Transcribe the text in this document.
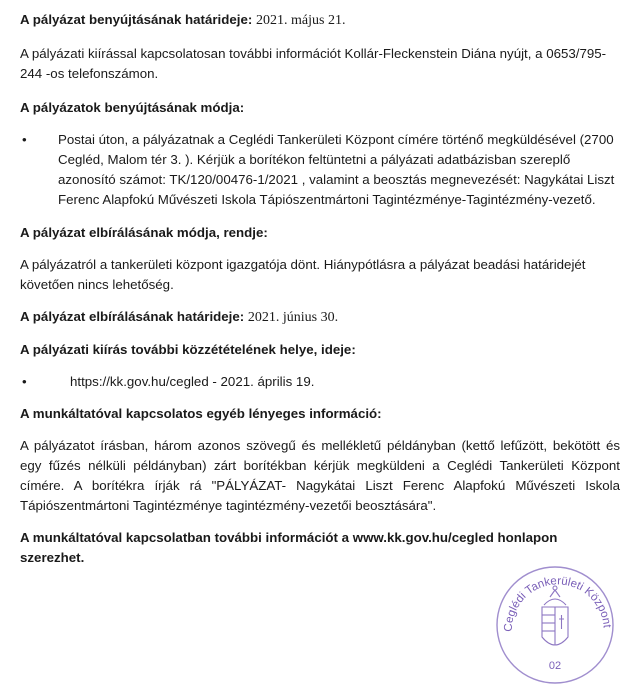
A pályázat benyújtásának határideje: 2021. május 21.

A pályázati kiírással kapcsolatosan további információt Kollár-Fleckenstein Diána nyújt, a 0653/795-244 -os telefonszámon.

A pályázatok benyújtásának módja:

•	Postai úton, a pályázatnak a Ceglédi Tankerületi Központ címére történő megküldésével (2700 Cegléd, Malom tér 3. ). Kérjük a borítékon feltüntetni a pályázati adatbázisban szereplő azonosító számot: TK/120/00476-1/2021 , valamint a beosztás megnevezését: Nagykátai Liszt Ferenc Alapfokú Művészeti Iskola Tápiószentmártoni Tagintézménye-Tagintézmény-vezető.

A pályázat elbírálásának módja, rendje:

A pályázatról a tankerületi központ igazgatója dönt. Hiánypótlásra a pályázat beadási határidejét követően nincs lehetőség.

A pályázat elbírálásának határideje: 2021. június 30.

A pályázati kiírás további közzétételének helye, ideje:

•	https://kk.gov.hu/cegled - 2021. április 19.

A munkáltatóval kapcsolatos egyéb lényeges információ:

A pályázatot írásban, három azonos szövegű és mellékletű példányban (kettő lefűzött, bekötött és egy fűzés nélküli példányban) zárt borítékban kérjük megküldeni a Ceglédi Tankerületi Központ címére. A borítékra írják rá "PÁLYÁZAT- Nagykátai Liszt Ferenc Alapfokú Művészeti Iskola Tápiószentmártoni Tagintézménye tagintézmény-vezetői beosztására".

A munkáltatóval kapcsolatban további információt a www.kk.gov.hu/cegled honlapon szerezhet.

Ceglédi Tankerületi Központ
02
